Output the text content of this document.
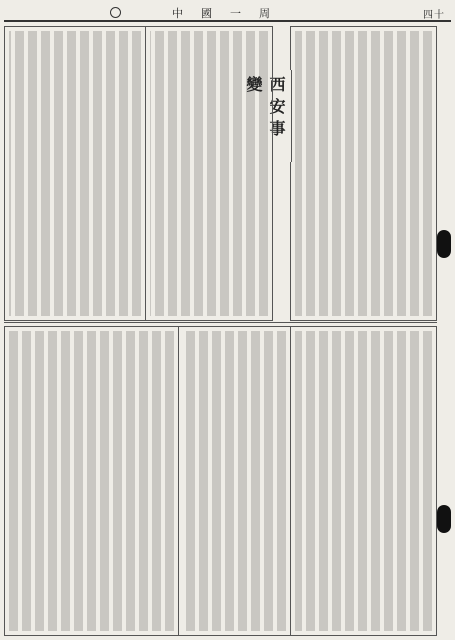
中國一周	四十
西安事變
